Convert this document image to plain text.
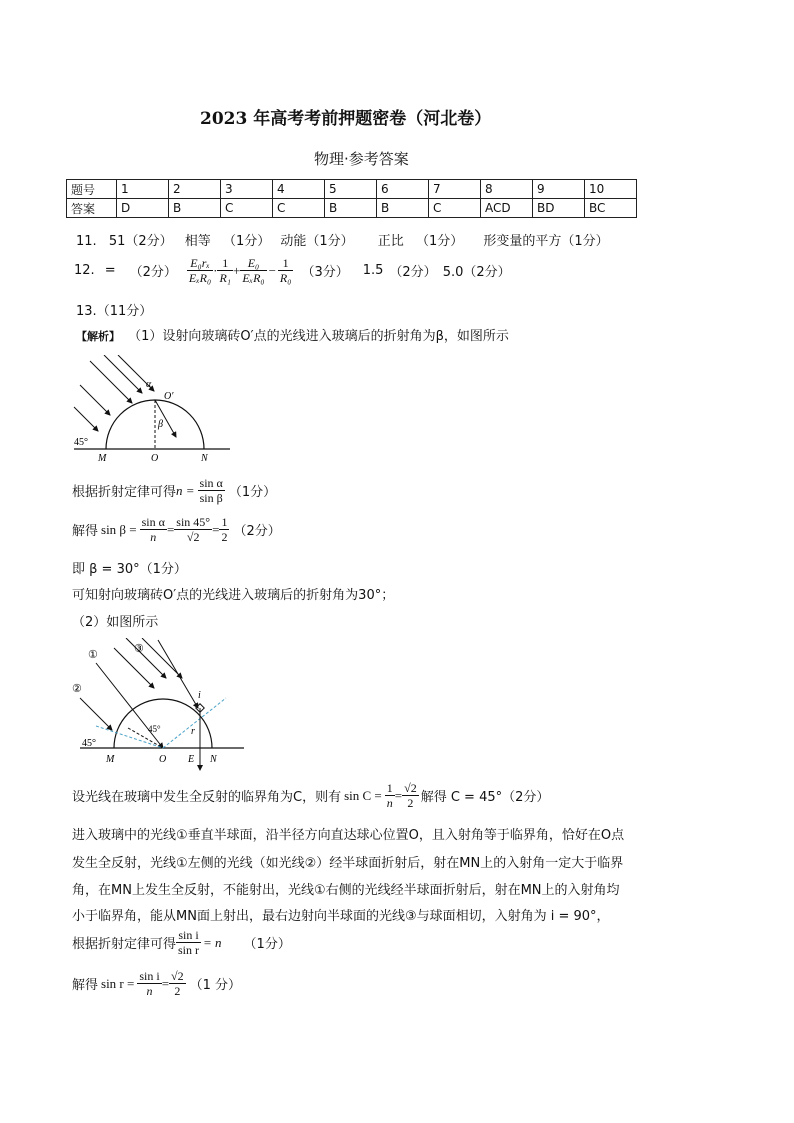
2023 年高考考前押题密卷（河北卷）
物理·参考答案
题号	1	2	3	4	5	6	7	8	9	10
答案	D	B	C	C	B	B	C	ACD	BD	BC
11. 51（2分） 相等 （1分） 动能（1分） 正比 （1分） 形变量的平方（1分）
12. = （2分） $\frac{\text{E₀rₓ}}{\text{EₓR₀}} \cdot \frac{1}{\text{R₁}} + \frac{\text{E₀}}{\text{EₓR₀}} - \frac{1}{\text{R₀}} (3$分） 1.5 （2分） 5.0（2分）
13.（11分）
【解析】 （1）设射向玻璃砖O′点的光线进入玻璃后的折射角为β，如图所示
O′
α
β
45°
M	O	N
根据折射定律可得 $n = \frac{\text{sin α}}{\text{sin β}} (1$分）
解得 $\sin \beta = \frac{\text{sin α}}{n} = \frac{\sin 45^\circ}{√2} = \frac{1}{2} (2$分）
即 β = 30°（1分）
可知射向玻璃砖O′点的光线进入玻璃后的折射角为30°；
（2）如图所示
①
②
③
i
r
45°
45°
M	O E N
设光线在玻璃中发生全反射的临界角为C，则有 $\sin C = \frac{1}{n} = \frac{√2}{2}$ 解得 C = 45°（2分）
进入玻璃中的光线①垂直半球面，沿半径方向直达球心位置O，且入射角等于临界角，恰好在O点
发生全反射，光线①左侧的光线（如光线②）经半球面折射后，射在MN上的入射角一定大于临界
角，在MN上发生全反射，不能射出，光线①右侧的光线经半球面折射后，射在MN上的入射角均
小于临界角，能从MN面上射出，最右边射向半球面的光线③与球面相切，入射角为 i = 90°，
根据折射定律可得 $\frac{\text{sin i}}{\text{sin r}} = n$ （1分）
解得 $\sin r = \frac{\text{sin i}}{n} = \frac{√2}{2} (1$ 分）
